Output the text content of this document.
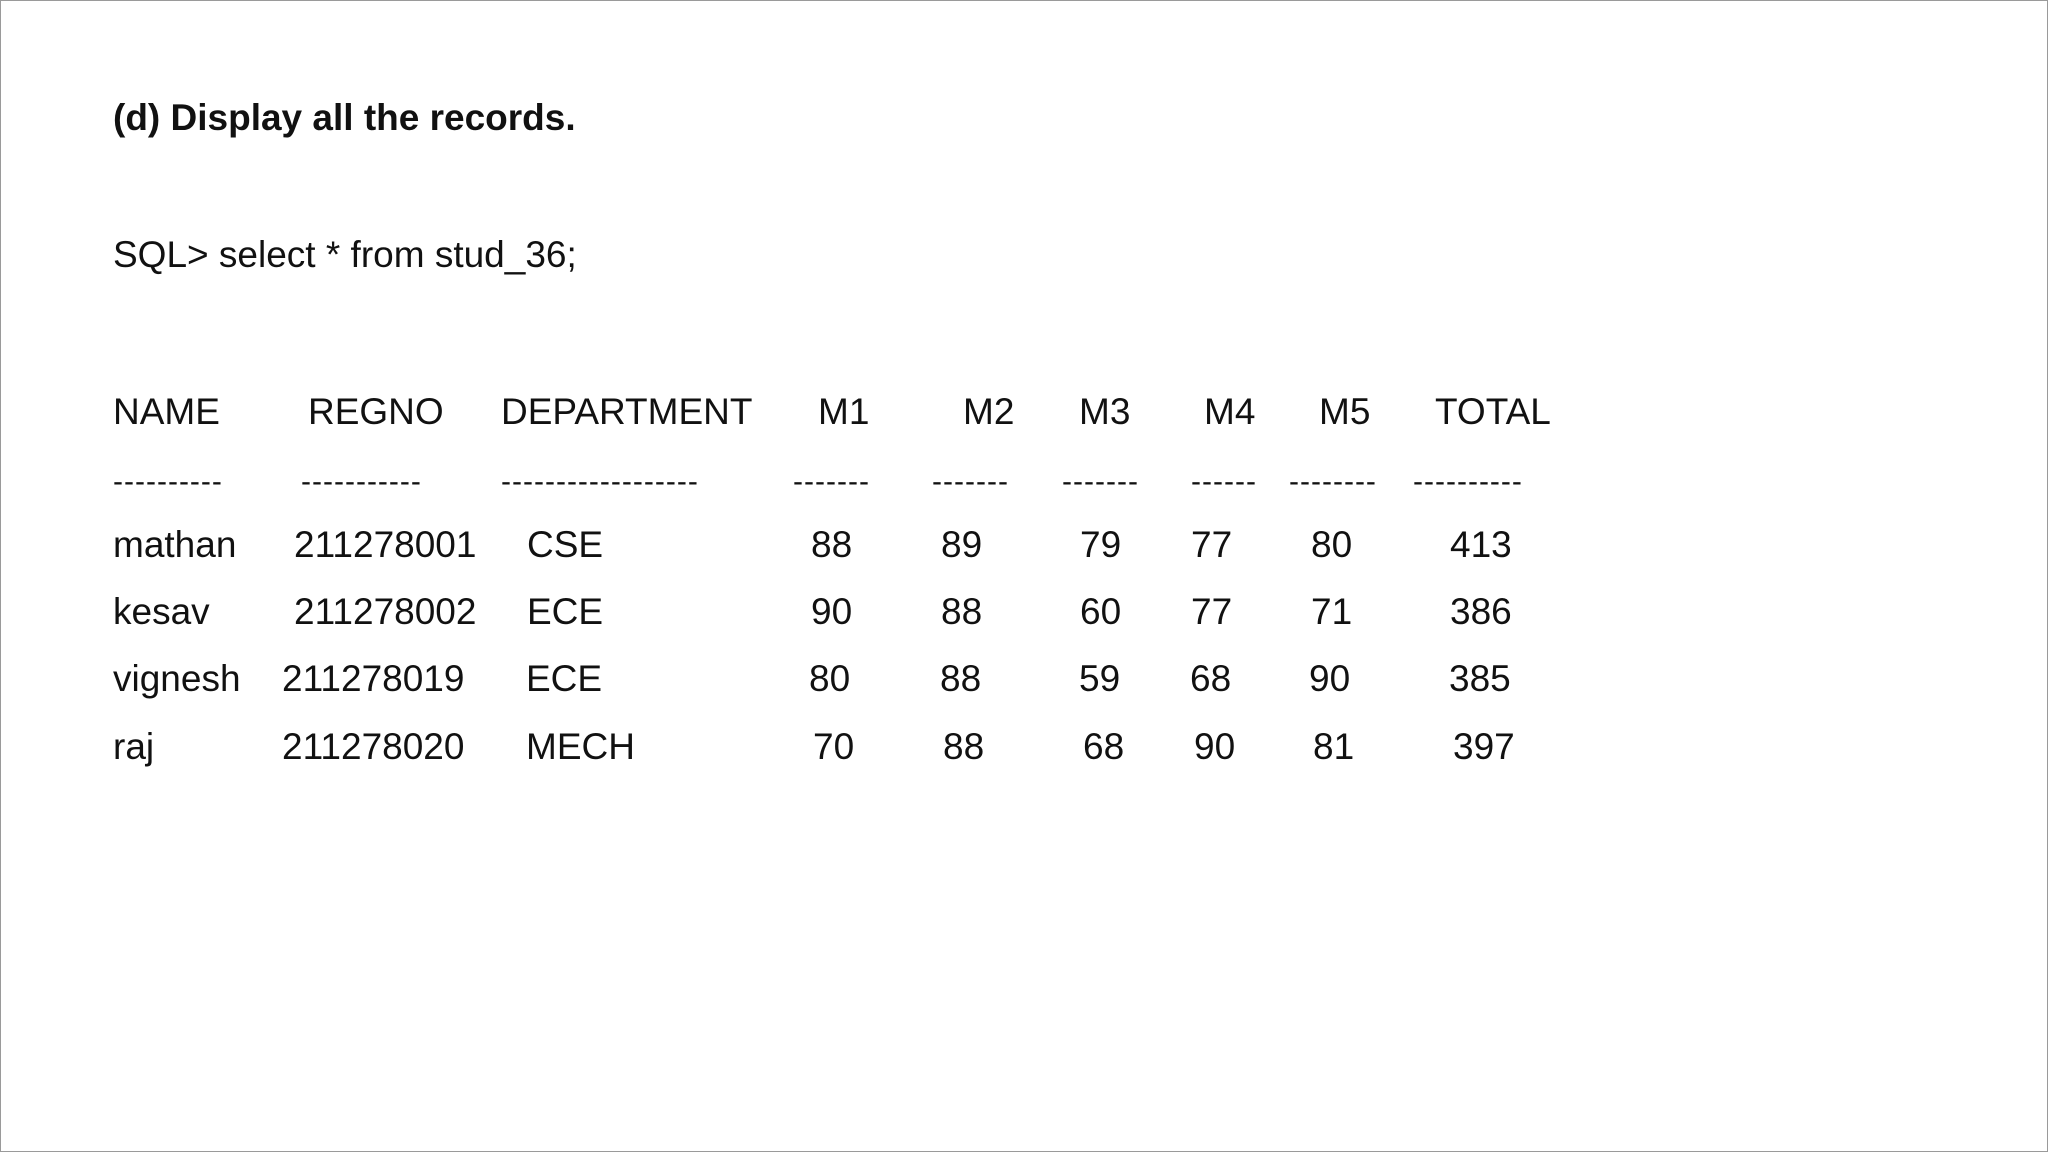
(d) Display all the records.
SQL> select * from stud_36;
NAME REGNO DEPARTMENT M1	M2 M3 M4 M5 TOTAL
----------	-----------	------------------	------- ------- ------- ------ -------- ----------
mathan 211278001 CSE	88 89	79 77 80	413
kesav 211278002 ECE	90 88	60 77 71	386
vignesh 211278019 ECE	80 88	59 68 90	385
raj	211278020 MECH	70 88	68 90 81	397
